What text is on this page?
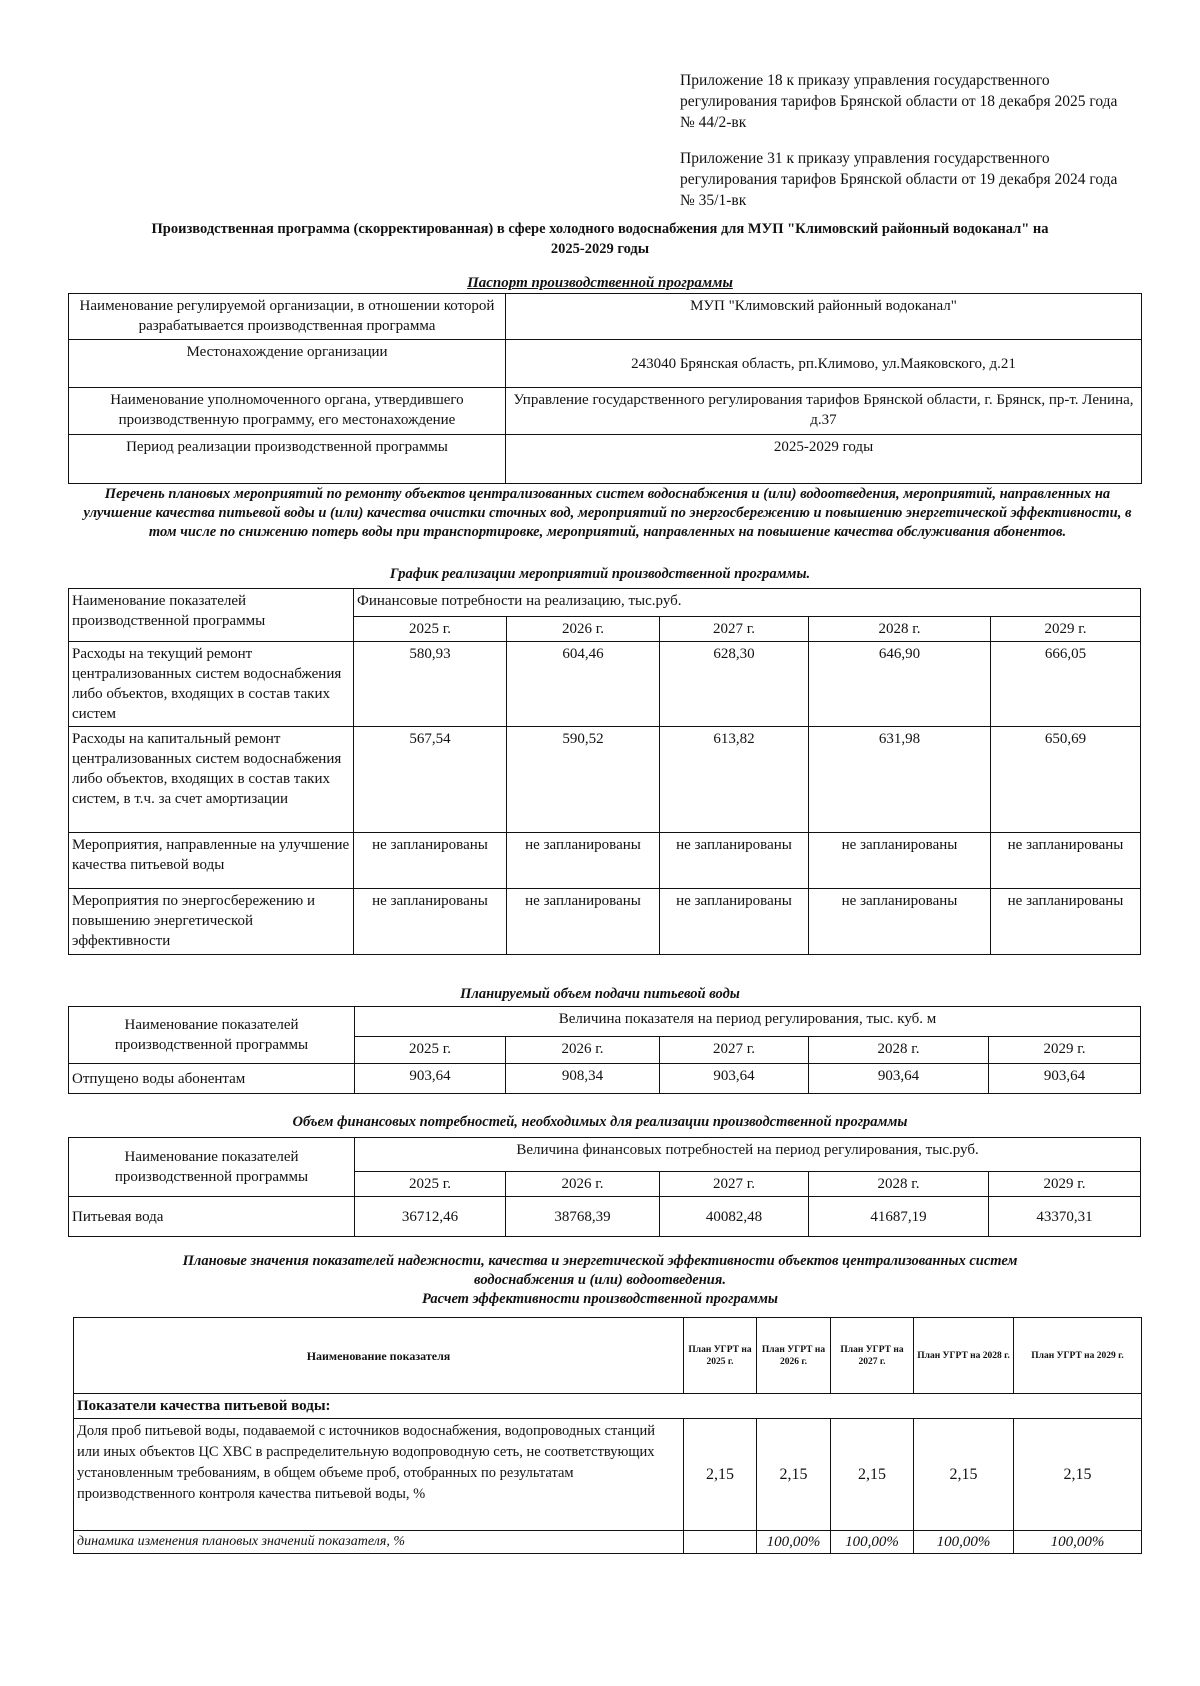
Приложение 18 к приказу управления государственного регулирования тарифов Брянской области от 18 декабря 2025 года № 44/2-вк
Приложение 31 к приказу управления государственного регулирования тарифов Брянской области от 19 декабря 2024 года № 35/1-вк
Производственная программа (скорректированная) в сфере холодного водоснабжения для МУП "Климовский районный водоканал" на
2025-2029 годы
Паспорт производственной программы
Наименование регулируемой организации, в отношении которой разрабатывается производственная программа	МУП "Климовский районный водоканал"
Местонахождение организации	243040 Брянская область, рп.Климово, ул.Маяковского, д.21
Наименование уполномоченного органа, утвердившего производственную программу, его местонахождение	Управление государственного регулирования тарифов Брянской области, г. Брянск, пр-т. Ленина, д.37
Период реализации производственной программы	2025-2029 годы
Перечень плановых мероприятий по ремонту объектов централизованных систем водоснабжения и (или) водоотведения, мероприятий, направленных на улучшение качества питьевой воды и (или) качества очистки сточных вод, мероприятий по энергосбережению и повышению энергетической эффективности, в том числе по снижению потерь воды при транспортировке, мероприятий, направленных на повышение качества обслуживания абонентов.
График реализации мероприятий производственной программы.
Наименование показателей производственной программы	Финансовые потребности на реализацию, тыс.руб.				
	2025 г.	2026 г.	2027 г.	2028 г.	2029 г.
Расходы на текущий ремонт централизованных систем водоснабжения либо объектов, входящих в состав таких систем	580,93	604,46	628,30	646,90	666,05
Расходы на капитальный ремонт централизованных систем водоснабжения либо объектов, входящих в состав таких систем, в т.ч. за счет амортизации	567,54	590,52	613,82	631,98	650,69
Мероприятия, направленные на улучшение качества питьевой воды	не запланированы	не запланированы	не запланированы	не запланированы	не запланированы
Мероприятия по энергосбережению и повышению энергетической эффективности	не запланированы	не запланированы	не запланированы	не запланированы	не запланированы
Планируемый объем подачи питьевой воды
Наименование показателей производственной программы	Величина показателя на период регулирования, тыс. куб. м				
	2025 г.	2026 г.	2027 г.	2028 г.	2029 г.
Отпущено воды абонентам	903,64	908,34	903,64	903,64	903,64
Объем финансовых потребностей, необходимых для реализации производственной программы
Наименование показателей производственной программы	Величина финансовых потребностей на период регулирования, тыс.руб.				
	2025 г.	2026 г.	2027 г.	2028 г.	2029 г.
Питьевая вода	36712,46	38768,39	40082,48	41687,19	43370,31
Плановые значения показателей надежности, качества и энергетической эффективности объектов централизованных систем
водоснабжения и (или) водоотведения.
Расчет эффективности производственной программы
Наименование показателя	План УГРТ на 2025 г.	План УГРТ на 2026 г.	План УГРТ на 2027 г.	План УГРТ на 2028 г.	План УГРТ на 2029 г.
Показатели качества питьевой воды:					
Доля проб питьевой воды, подаваемой с источников водоснабжения, водопроводных станций или иных объектов ЦС ХВС в распределительную водопроводную сеть, не соответствующих установленным требованиям, в общем объеме проб, отобранных по результатам производственного контроля качества питьевой воды, %	2,15	2,15	2,15	2,15	2,15
динамика изменения плановых значений показателя, %		100,00%	100,00%	100,00%	100,00%
